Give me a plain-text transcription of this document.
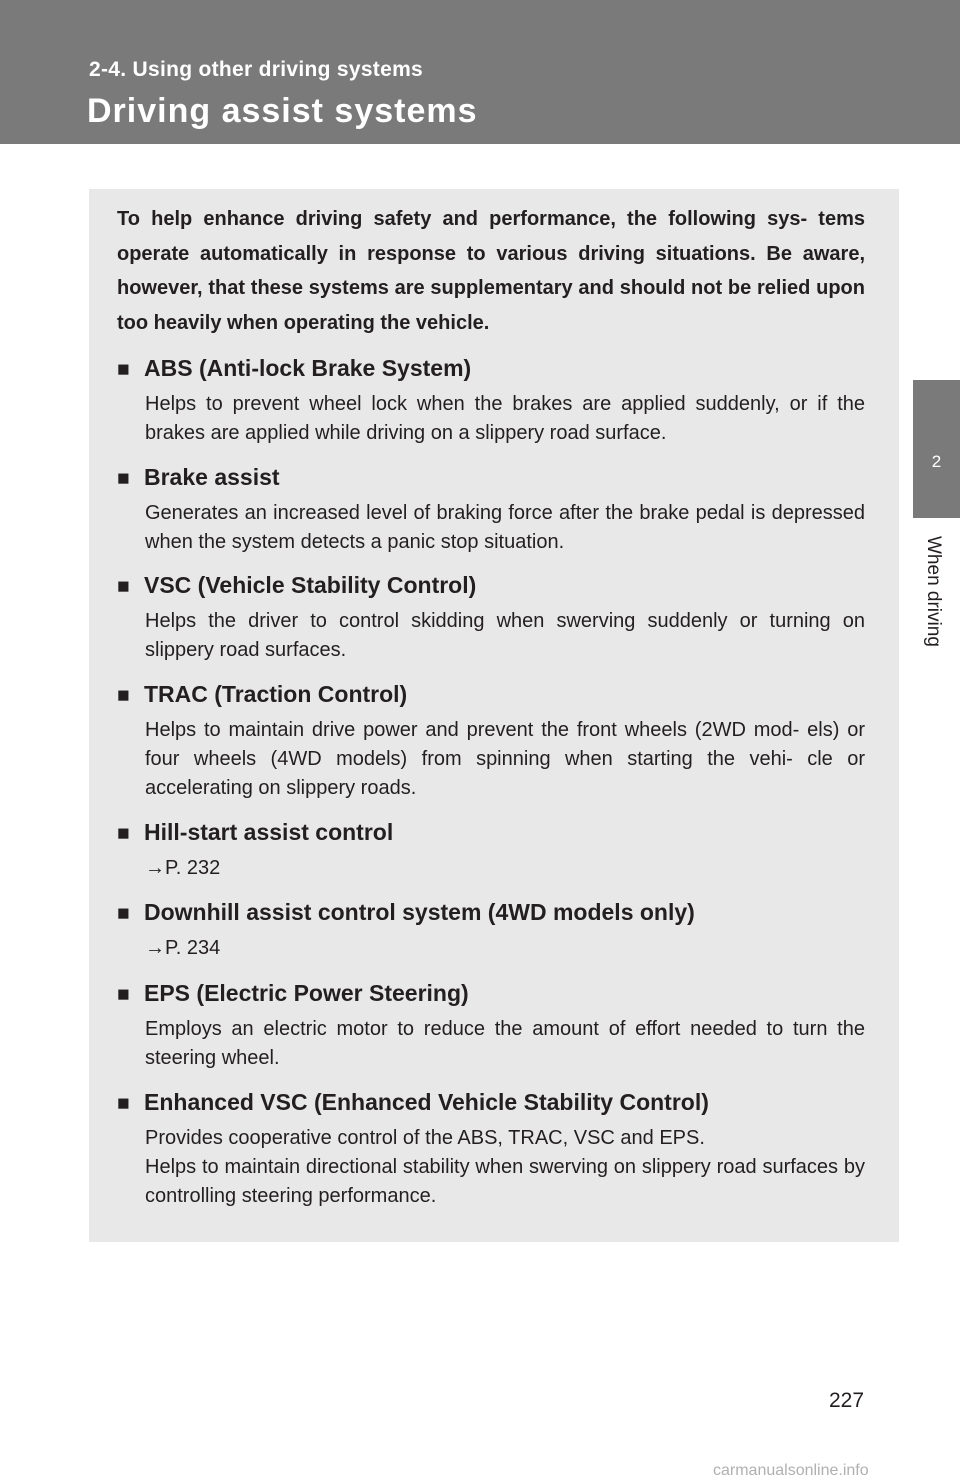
2-4. Using other driving systems
Driving assist systems
2
When driving
To help enhance driving safety and performance, the following sys- tems operate automatically in response to various driving situations. Be aware, however, that these systems are supplementary and should not be relied upon too heavily when operating the vehicle.
■ ABS (Anti-lock Brake System)
Helps to prevent wheel lock when the brakes are applied suddenly, or if the brakes are applied while driving on a slippery road surface.
■ Brake assist
Generates an increased level of braking force after the brake pedal is depressed when the system detects a panic stop situation.
■ VSC (Vehicle Stability Control)
Helps the driver to control skidding when swerving suddenly or turning on slippery road surfaces.
■ TRAC (Traction Control)
Helps to maintain drive power and prevent the front wheels (2WD mod- els) or four wheels (4WD models) from spinning when starting the vehi- cle or accelerating on slippery roads.
■ Hill-start assist control
→P. 232
■ Downhill assist control system (4WD models only)
→P. 234
■ EPS (Electric Power Steering)
Employs an electric motor to reduce the amount of effort needed to turn the steering wheel.
■ Enhanced VSC (Enhanced Vehicle Stability Control)
Provides cooperative control of the ABS, TRAC, VSC and EPS.
Helps to maintain directional stability when swerving on slippery road surfaces by controlling steering performance.
227
carmanualsonline.info
